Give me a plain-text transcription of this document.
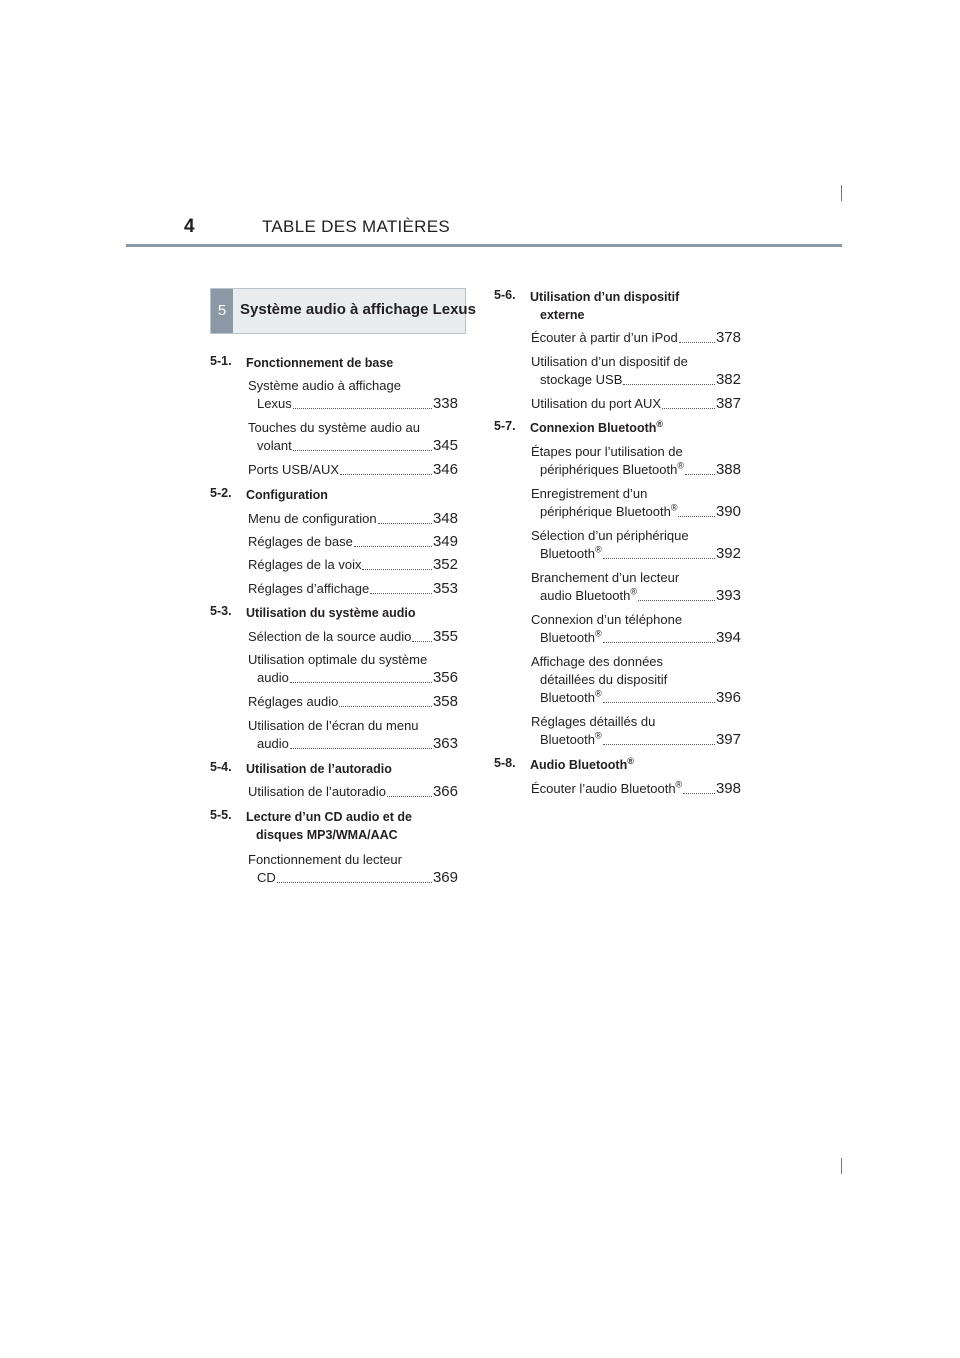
4	TABLE DES MATIÈRES
5 Système audio à affichage Lexus
5-1. Fonctionnement de base
Système audio à affichage
Lexus	338
Touches du système audio au
volant	345
Ports USB/AUX	346
5-2. Configuration
Menu de configuration	348
Réglages de base	349
Réglages de la voix	352
Réglages d’affichage	353
5-3. Utilisation du système audio
Sélection de la source audio 355
Utilisation optimale du système
audio	356
Réglages audio	358
Utilisation de l’écran du menu
audio	363
5-4. Utilisation de l’autoradio
Utilisation de l’autoradio	366
5-5. Lecture d’un CD audio et de
disques MP3/WMA/AAC
Fonctionnement du lecteur
CD	369
5-6. Utilisation d’un dispositif
externe
Écouter à partir d’un iPod	378
Utilisation d’un dispositif de
stockage USB	382
Utilisation du port AUX	387
5-7. Connexion Bluetooth®
Étapes pour l’utilisation de
périphériques Bluetooth® 388
Enregistrement d’un
périphérique Bluetooth®	390
Sélection d’un périphérique
Bluetooth®	392
Branchement d’un lecteur
audio Bluetooth®	393
Connexion d’un téléphone
Bluetooth®	394
Affichage des données
détaillées du dispositif
Bluetooth®	396
Réglages détaillés du
Bluetooth®	397
5-8. Audio Bluetooth®
Écouter l’audio Bluetooth® 398
